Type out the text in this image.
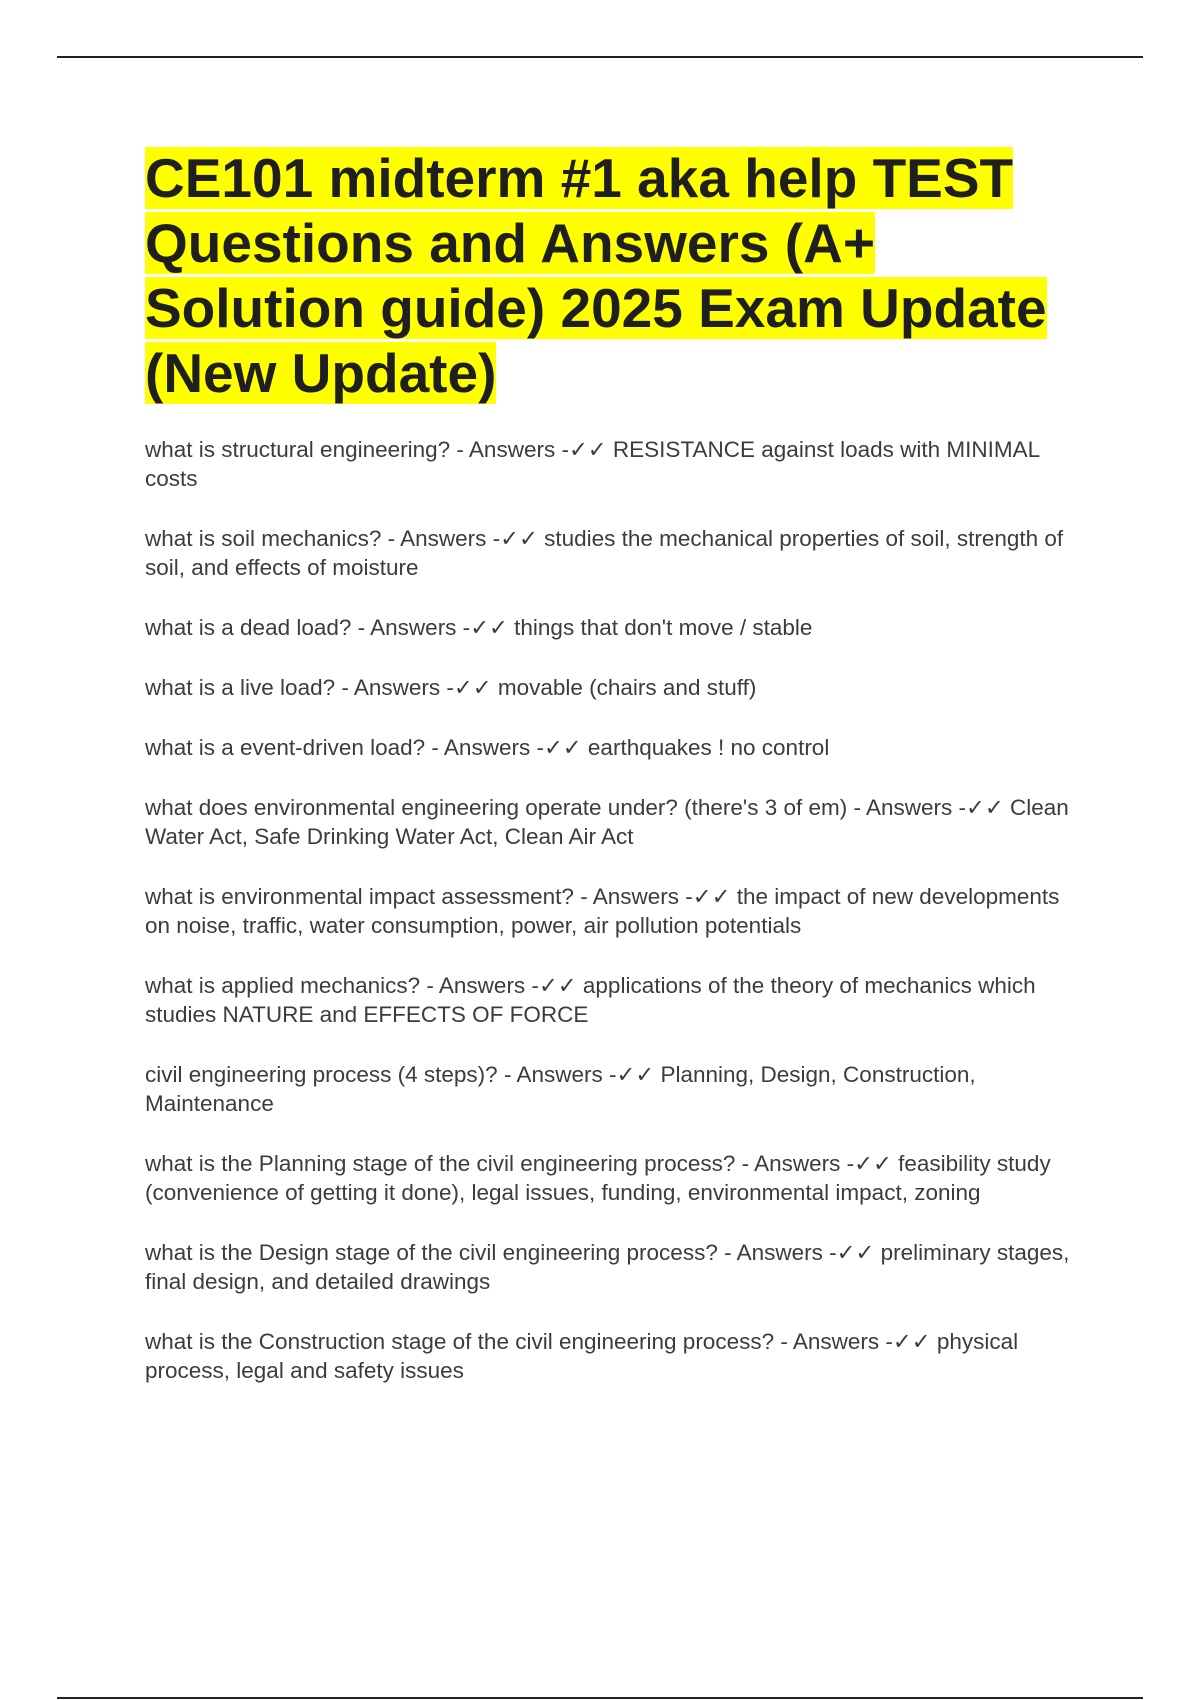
CE101 midterm #1 aka help TEST Questions and Answers (A+ Solution guide) 2025 Exam Update (New Update)
what is structural engineering? - Answers -✓✓ RESISTANCE against loads with MINIMAL costs
what is soil mechanics? - Answers -✓✓ studies the mechanical properties of soil, strength of soil, and effects of moisture
what is a dead load? - Answers -✓✓ things that don't move / stable
what is a live load? - Answers -✓✓ movable (chairs and stuff)
what is a event-driven load? - Answers -✓✓ earthquakes ! no control
what does environmental engineering operate under? (there's 3 of em) - Answers -✓✓ Clean Water Act, Safe Drinking Water Act, Clean Air Act
what is environmental impact assessment? - Answers -✓✓ the impact of new developments on noise, traffic, water consumption, power, air pollution potentials
what is applied mechanics? - Answers -✓✓ applications of the theory of mechanics which studies NATURE and EFFECTS OF FORCE
civil engineering process (4 steps)? - Answers -✓✓ Planning, Design, Construction, Maintenance
what is the Planning stage of the civil engineering process? - Answers -✓✓ feasibility study (convenience of getting it done), legal issues, funding, environmental impact, zoning
what is the Design stage of the civil engineering process? - Answers -✓✓ preliminary stages, final design, and detailed drawings
what is the Construction stage of the civil engineering process? - Answers -✓✓ physical process, legal and safety issues
